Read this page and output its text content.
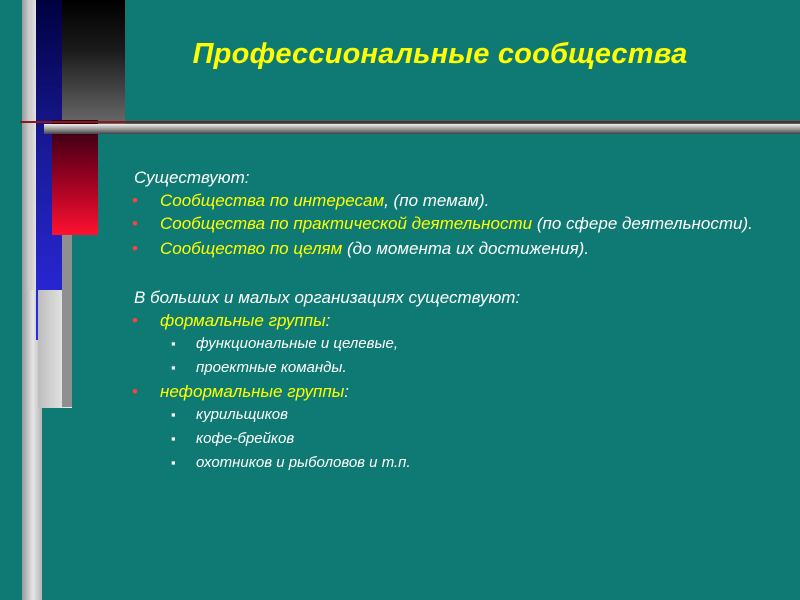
Профессиональные сообщества
Существуют:
• Сообщества по интересам, (по темам).
• Сообщества по практической деятельности (по сфере деятельности).
• Сообщество по целям (до момента их достижения).
В больших и малых организациях существуют:
• формальные группы:
▪ функциональные и целевые,
▪ проектные команды.
• неформальные группы:
▪ курильщиков
▪ кофе-брейков
▪ охотников и рыболовов и т.п.
